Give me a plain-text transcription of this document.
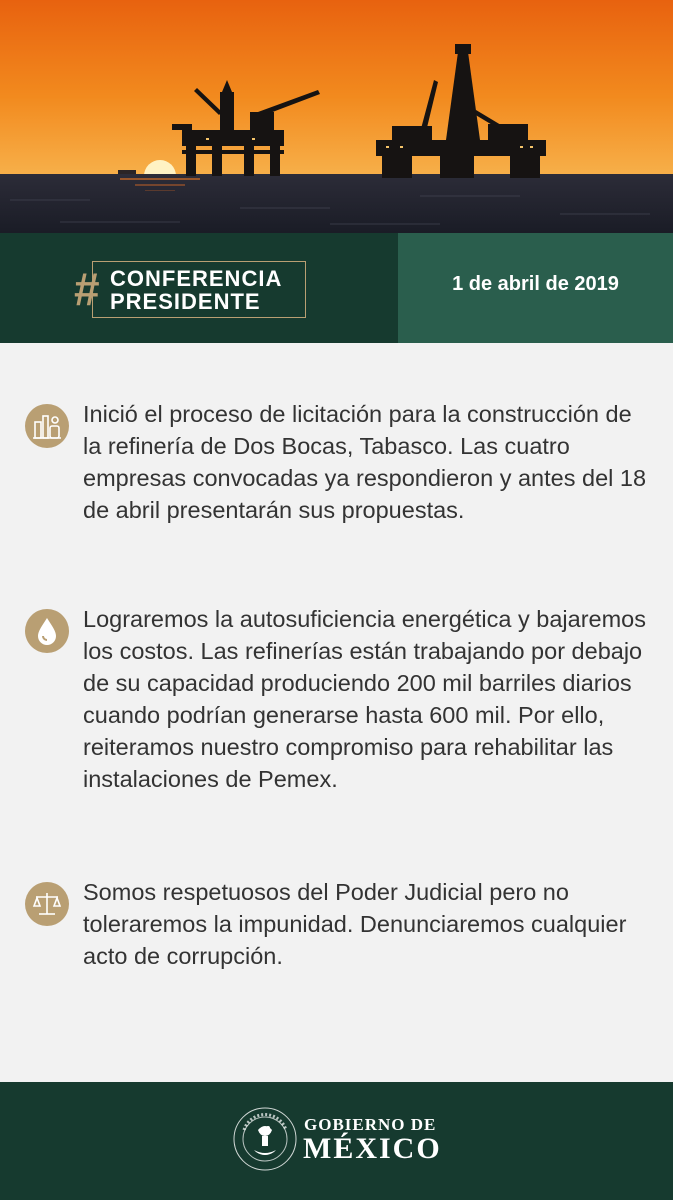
# CONFERENCIA
PRESIDENTE
1 de abril de 2019
Inició el proceso de licitación para la construcción de la refinería de Dos Bocas, Tabasco. Las cuatro empresas convocadas ya respondieron y antes del 18 de abril presentarán sus propuestas.
Lograremos la autosuficiencia energética y bajaremos los costos. Las refinerías están trabajando por debajo de su capacidad produciendo 200 mil barriles diarios cuando podrían generarse hasta 600 mil. Por ello, reiteramos nuestro compromiso para rehabilitar las instalaciones de Pemex.
Somos respetuosos del Poder Judicial pero no toleraremos la impunidad. Denunciaremos cualquier acto de corrupción.
GOBIERNO DE
MÉXICO
